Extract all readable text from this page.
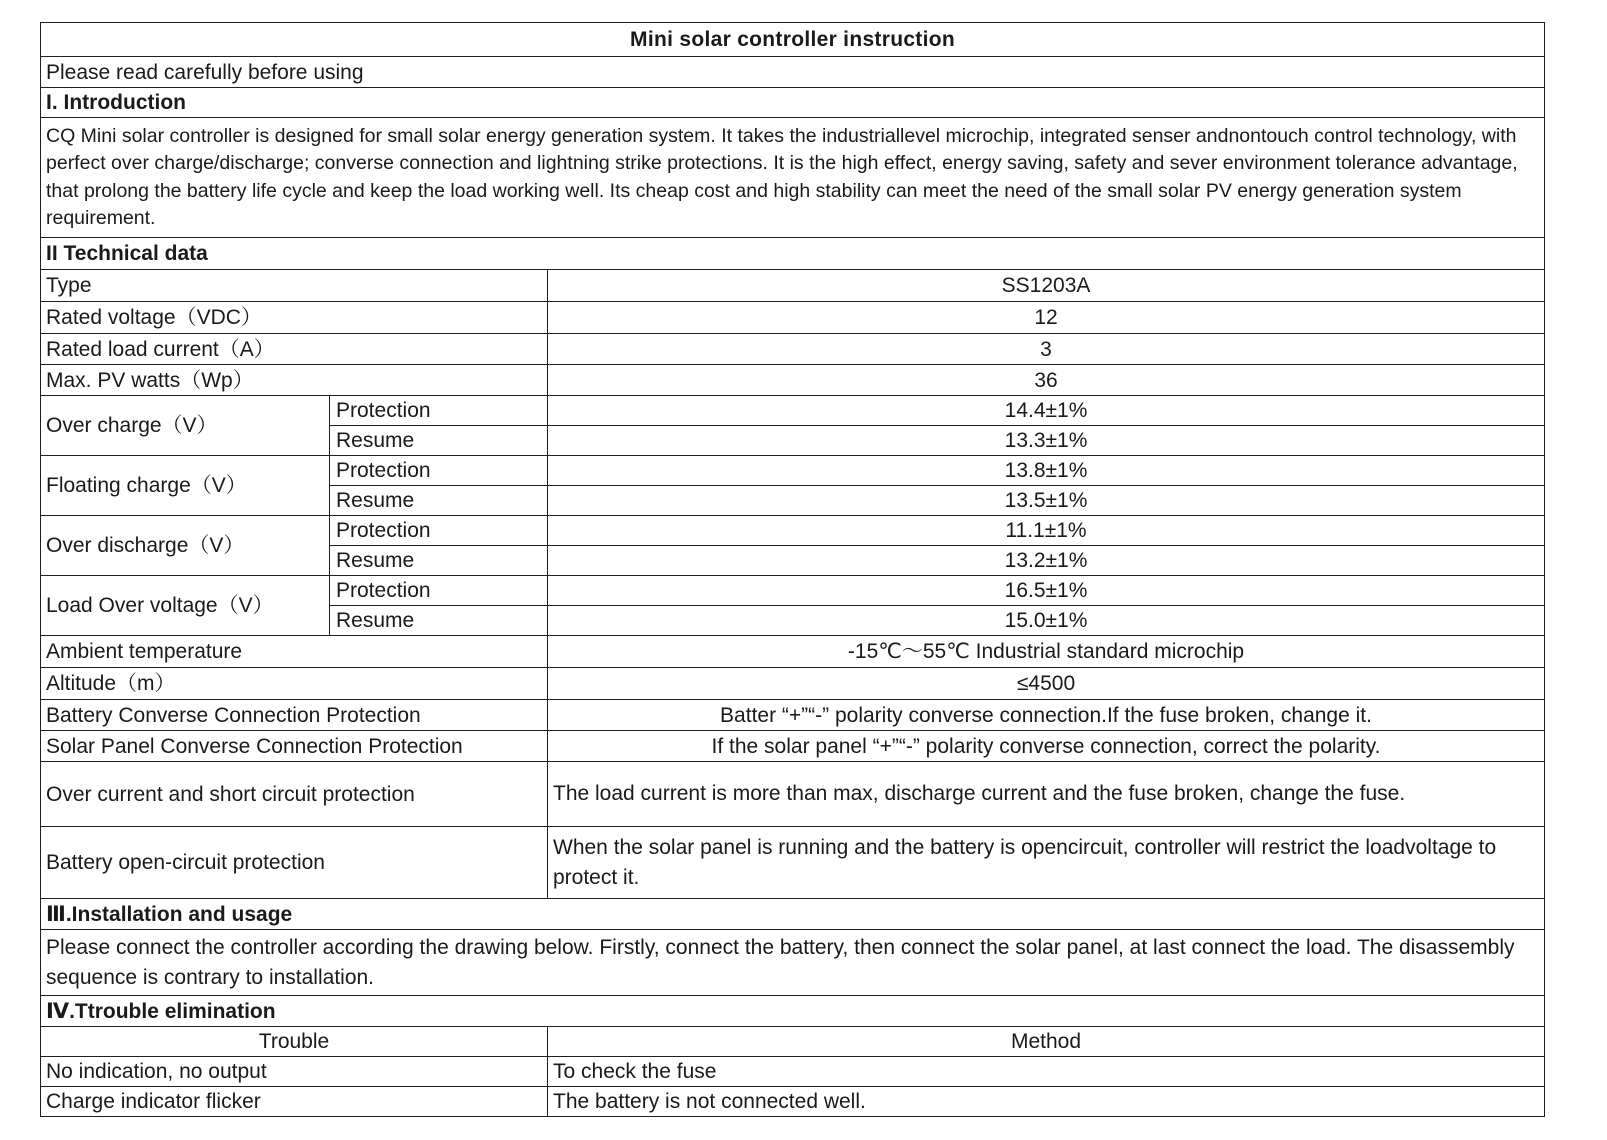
Mini solar controller instruction		
Please read carefully before using		
I. Introduction		
CQ Mini solar controller is designed for small solar energy generation system. It takes the industriallevel microchip, integrated senser andnontouch control technology, with perfect over charge/discharge; converse connection and lightning strike protections. It is the high effect, energy saving, safety and sever environment tolerance advantage, that prolong the battery life cycle and keep the load working well. Its cheap cost and high stability can meet the need of the small solar PV energy generation system requirement.		
II Technical data		
Type		SS1203A
Rated voltage（VDC）		12
Rated load current（A）		3
Max. PV watts（Wp）		36
Over charge（V）	Protection	14.4±1%
	Resume	13.3±1%
Floating charge（V）	Protection	13.8±1%
	Resume	13.5±1%
Over discharge（V）	Protection	11.1±1%
	Resume	13.2±1%
Load Over voltage（V）	Protection	16.5±1%
	Resume	15.0±1%
Ambient temperature		-15℃～55℃ Industrial standard microchip
Altitude（m）		≤4500
Battery Converse Connection Protection		Batter “+”“-” polarity converse connection.If the fuse broken, change it.
Solar Panel Converse Connection Protection		If the solar panel “+”“-” polarity converse connection, correct the polarity.
Over current and short circuit protection		The load current is more than max, discharge current and the fuse broken, change the fuse.
Battery open-circuit protection		When the solar panel is running and the battery is opencircuit, controller will restrict the loadvoltage to protect it.
Ⅲ.Installation and usage		
Please connect the controller according the drawing below. Firstly, connect the battery, then connect the solar panel, at last connect the load. The disassembly sequence is contrary to installation.		
Ⅳ.Ttrouble elimination		
Trouble		Method
No indication, no output		To check the fuse
Charge indicator flicker		The battery is not connected well.
